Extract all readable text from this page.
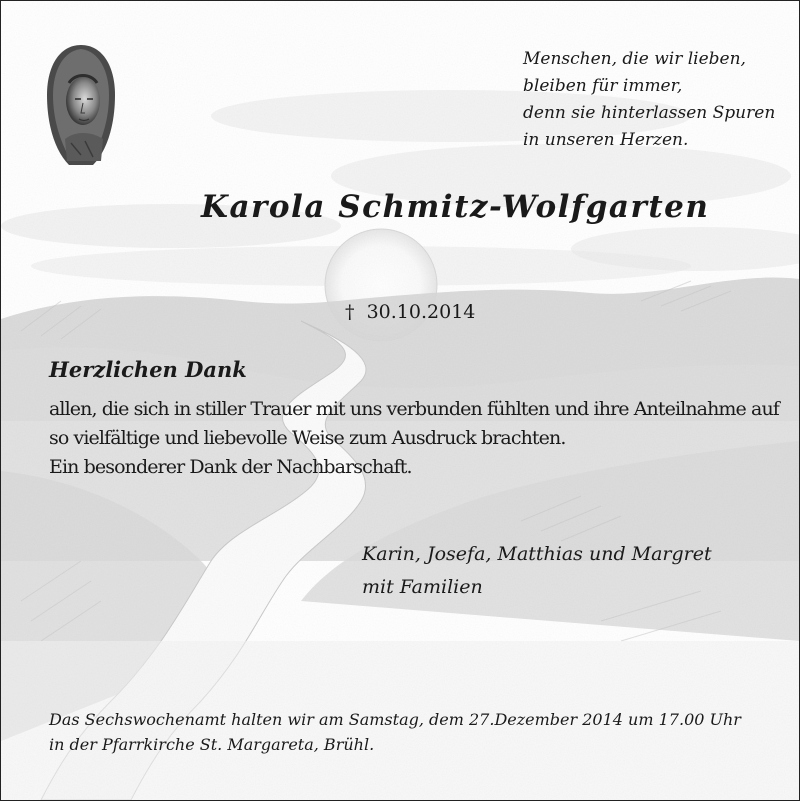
Menschen, die wir lieben,
bleiben für immer,
denn sie hinterlassen Spuren
in unseren Herzen.

Karola Schmitz-Wolfgarten

† 30.10.2014

Herzlichen Dank

allen, die sich in stiller Trauer mit uns verbunden fühlten und ihre Anteilnahme auf
so vielfältige und liebevolle Weise zum Ausdruck brachten.
Ein besonderer Dank der Nachbarschaft.

Karin, Josefa, Matthias und Margret
mit Familien

Das Sechswochenamt halten wir am Samstag, dem 27.Dezember 2014 um 17.00 Uhr
in der Pfarrkirche St. Margareta, Brühl.
